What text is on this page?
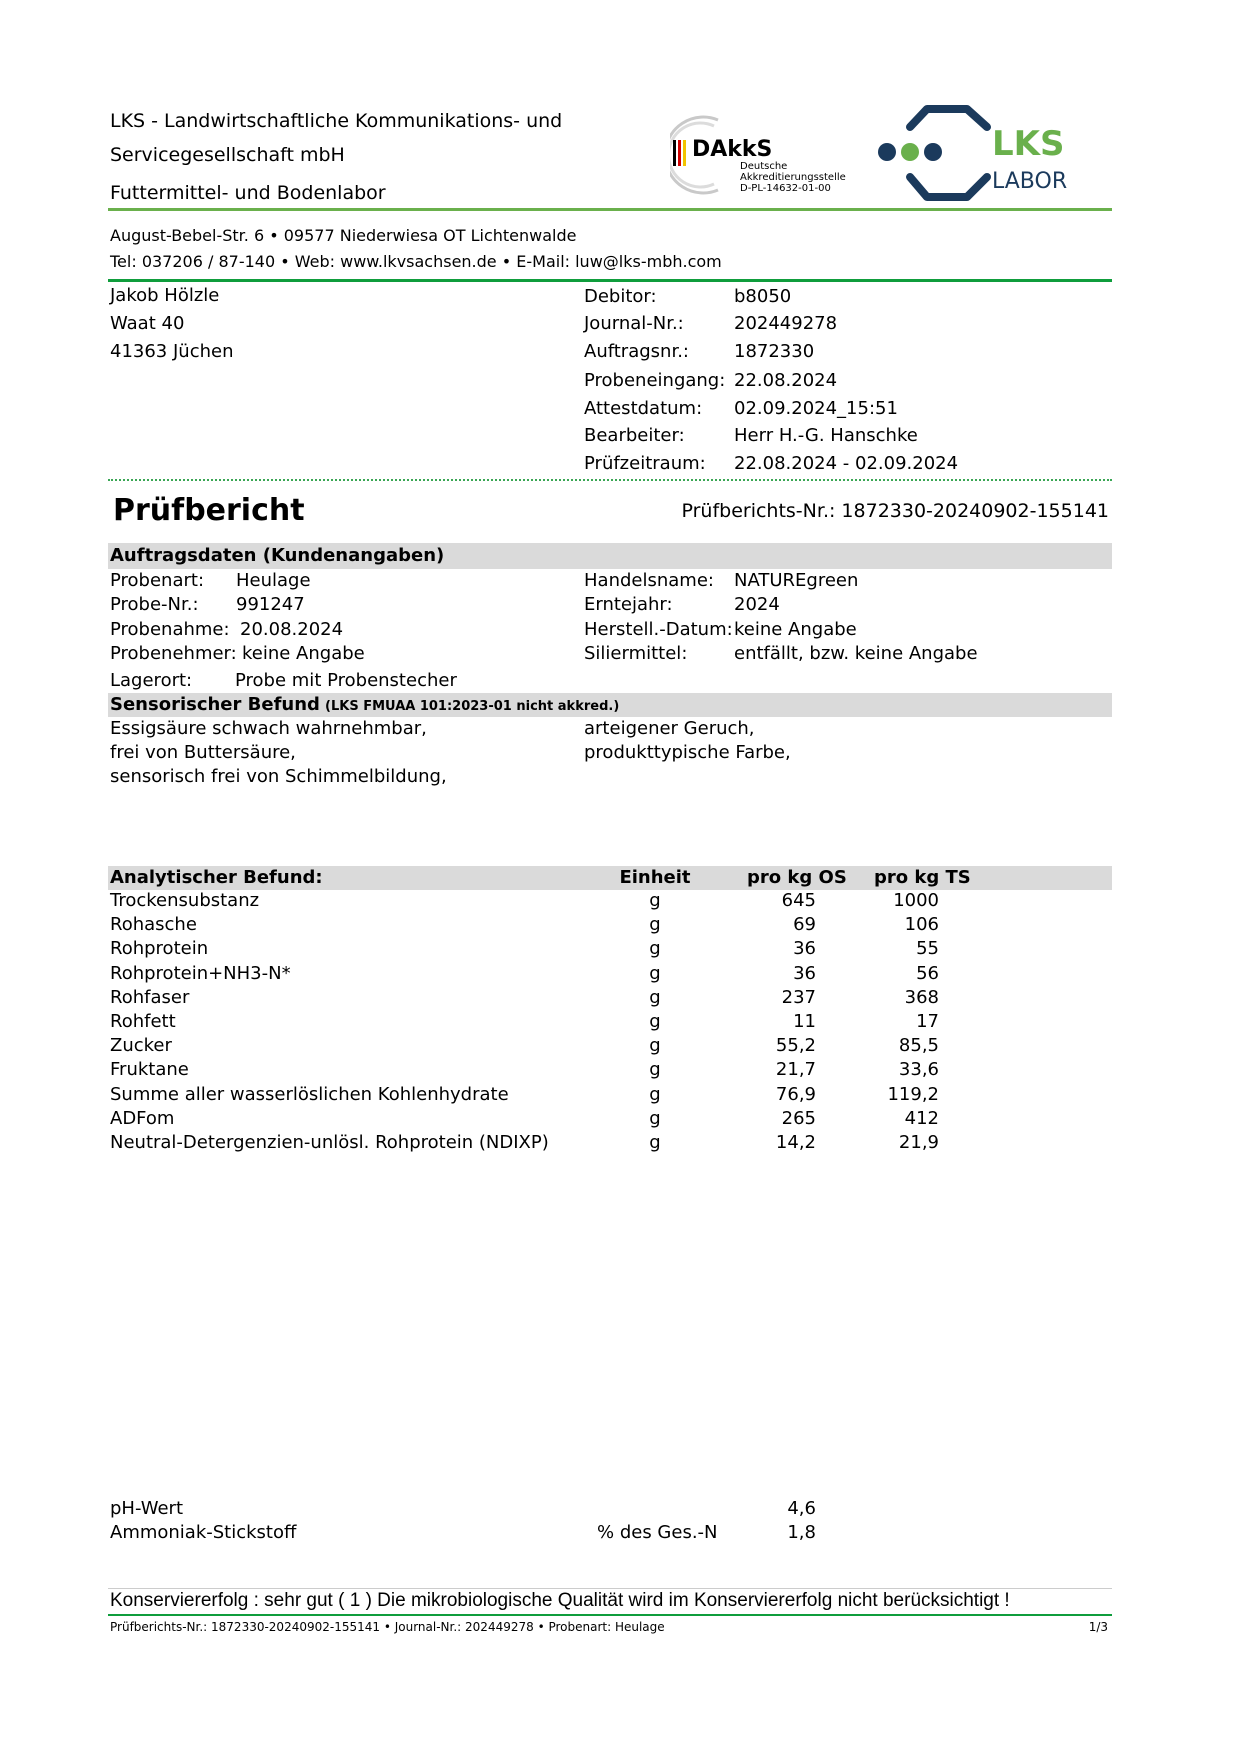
LKS - Landwirtschaftliche Kommunikations- und
Servicegesellschaft mbH
Futtermittel- und Bodenlabor
DAkkS
Deutsche
Akkreditierungsstelle
D-PL-14632-01-00
LKS
LABOR
August-Bebel-Str. 6 • 09577 Niederwiesa OT Lichtenwalde
Tel: 037206 / 87-140 • Web: www.lkvsachsen.de • E-Mail: luw@lks-mbh.com
Jakob Hölzle
Waat 40
41363 Jüchen
Debitor:	b8050
Journal-Nr.:	202449278
Auftragsnr.:	1872330
Probeneingang: 22.08.2024
Attestdatum: 02.09.2024_15:51
Bearbeiter:	Herr H.-G. Hanschke
Prüfzeitraum: 22.08.2024 - 02.09.2024
Prüfbericht	Prüfberichts-Nr.: 1872330-20240902-155141
Auftragsdaten (Kundenangaben)
Probenart: Heulage
Probe-Nr.: 991247
Probenahme: 20.08.2024
Probenehmer: keine Angabe
Lagerort: Probe mit Probenstecher
Handelsname: NATUREgreen
Erntejahr:	2024
Herstell.-Datum: keine Angabe
Siliermittel:	entfällt, bzw. keine Angabe
Sensorischer Befund (LKS FMUAA 101:2023-01 nicht akkred.)
Essigsäure schwach wahrnehmbar,
frei von Buttersäure,
sensorisch frei von Schimmelbildung,
arteigener Geruch,
produkttypische Farbe,
Analytischer Befund:	Einheit	pro kg OS pro kg TS
Trockensubstanz	g	645	1000
Rohasche	g	69	106
Rohprotein	g	36	55
Rohprotein+NH3-N*	g	36	56
Rohfaser	g	237	368
Rohfett	g	11	17
Zucker	g	55,2	85,5
Fruktane	g	21,7	33,6
Summe aller wasserlöslichen Kohlenhydrate	g	76,9	119,2
ADFom	g	265	412
Neutral-Detergenzien-unlösl. Rohprotein (NDIXP)	g	14,2	21,9
pH-Wert	4,6
Ammoniak-Stickstoff	% des Ges.-N	1,8
Konserviererfolg : sehr gut ( 1 ) Die mikrobiologische Qualität wird im Konserviererfolg nicht berücksichtigt !
Prüfberichts-Nr.: 1872330-20240902-155141 • Journal-Nr.: 202449278 • Probenart: Heulage	1/3
